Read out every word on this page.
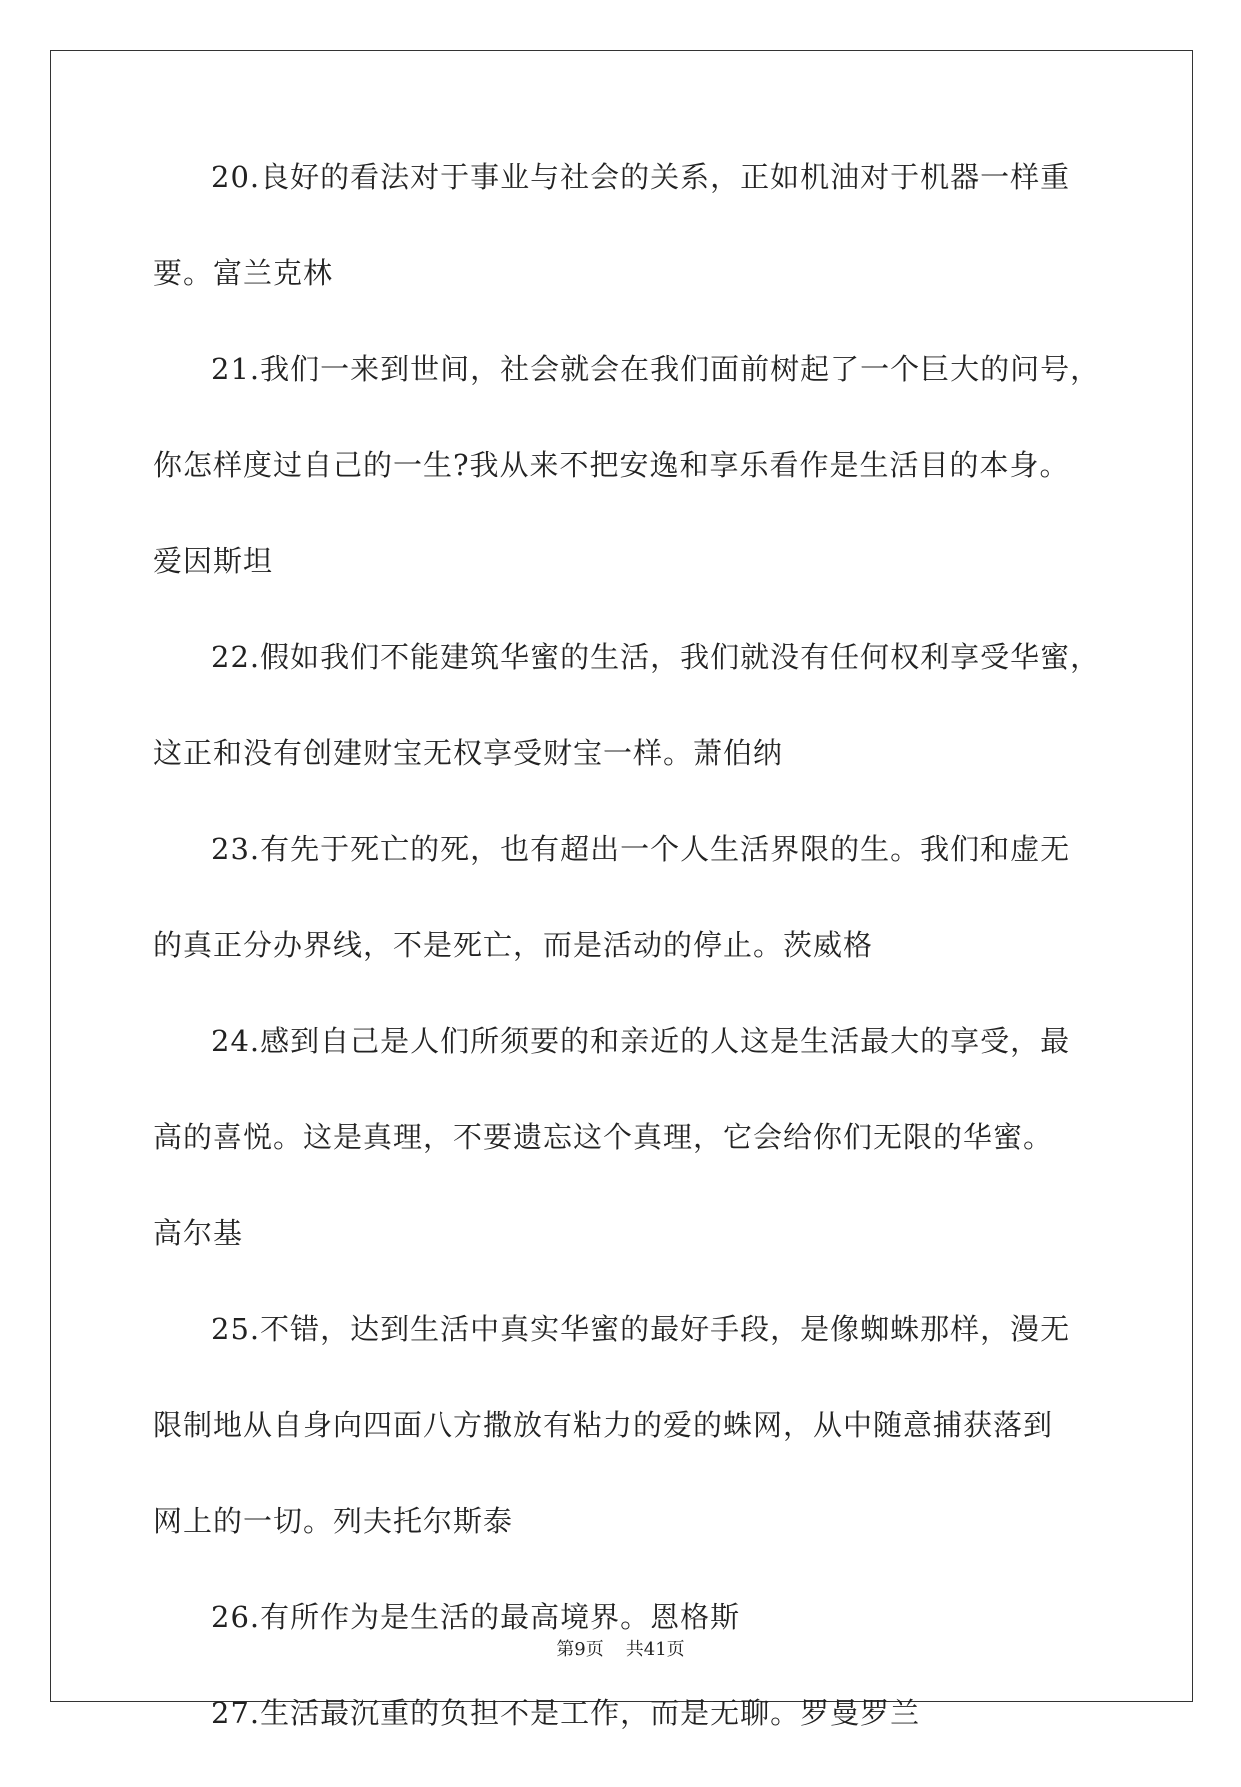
20.良好的看法对于事业与社会的关系，正如机油对于机器一样重
要。富兰克林
21.我们一来到世间，社会就会在我们面前树起了一个巨大的问号，
你怎样度过自己的一生?我从来不把安逸和享乐看作是生活目的本身。
爱因斯坦
22.假如我们不能建筑华蜜的生活，我们就没有任何权利享受华蜜，
这正和没有创建财宝无权享受财宝一样。萧伯纳
23.有先于死亡的死，也有超出一个人生活界限的生。我们和虚无
的真正分办界线，不是死亡，而是活动的停止。茨威格
24.感到自己是人们所须要的和亲近的人这是生活最大的享受，最
高的喜悦。这是真理，不要遗忘这个真理，它会给你们无限的华蜜。
高尔基
25.不错，达到生活中真实华蜜的最好手段，是像蜘蛛那样，漫无
限制地从自身向四面八方撒放有粘力的爱的蛛网，从中随意捕获落到
网上的一切。列夫托尔斯泰
26.有所作为是生活的最高境界。恩格斯
27.生活最沉重的负担不是工作，而是无聊。罗曼罗兰
第9页 共41页
